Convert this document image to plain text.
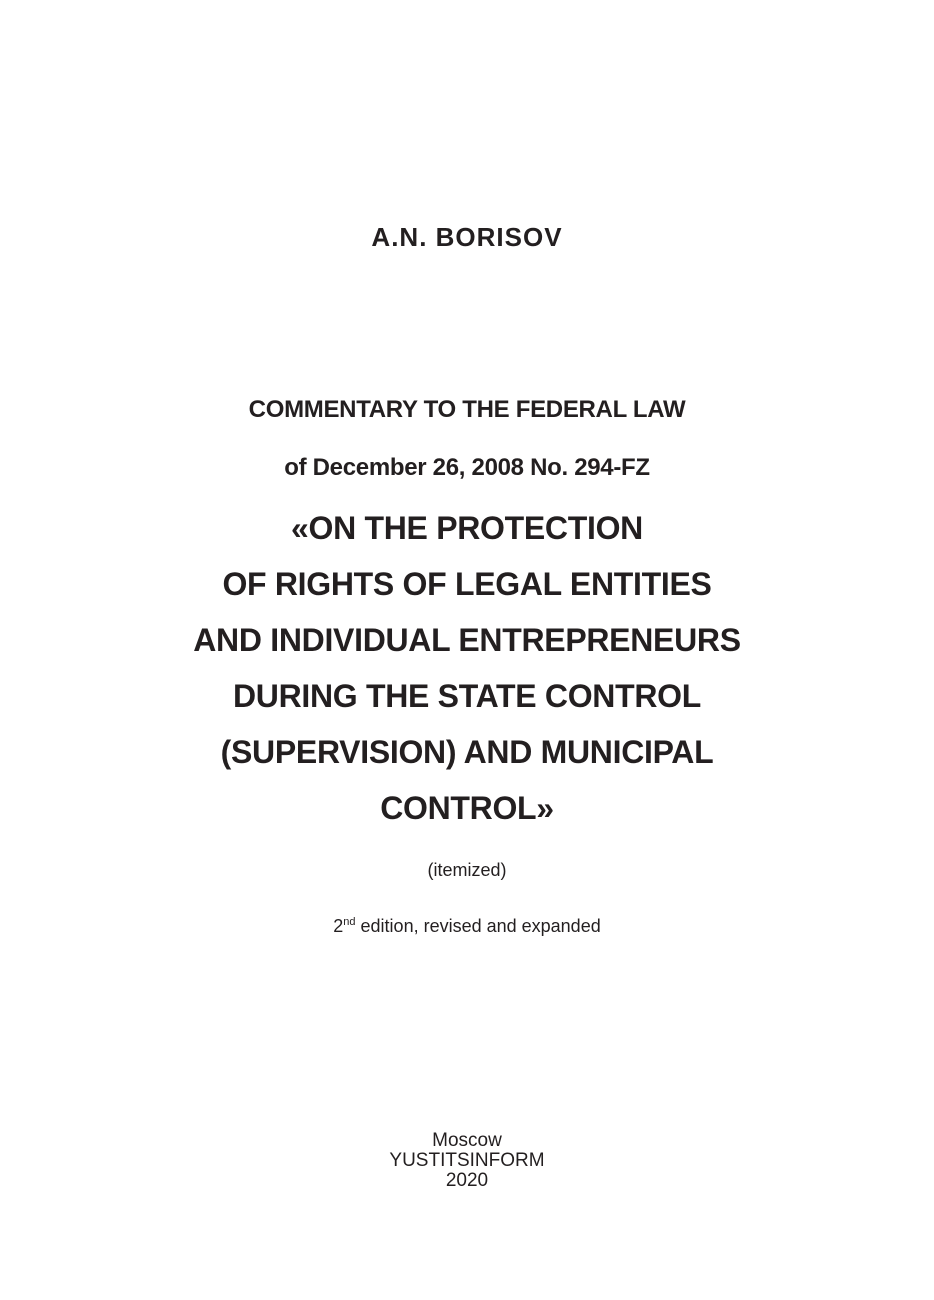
A.N. BORISOV
COMMENTARY TO THE FEDERAL LAW
of December 26, 2008 No. 294-FZ
«ON THE PROTECTION
OF RIGHTS OF LEGAL ENTITIES
AND INDIVIDUAL ENTREPRENEURS
DURING THE STATE CONTROL
(SUPERVISION) AND MUNICIPAL
CONTROL»
(itemized)
2nd edition, revised and expanded
Moscow
YUSTITSINFORM
2020
